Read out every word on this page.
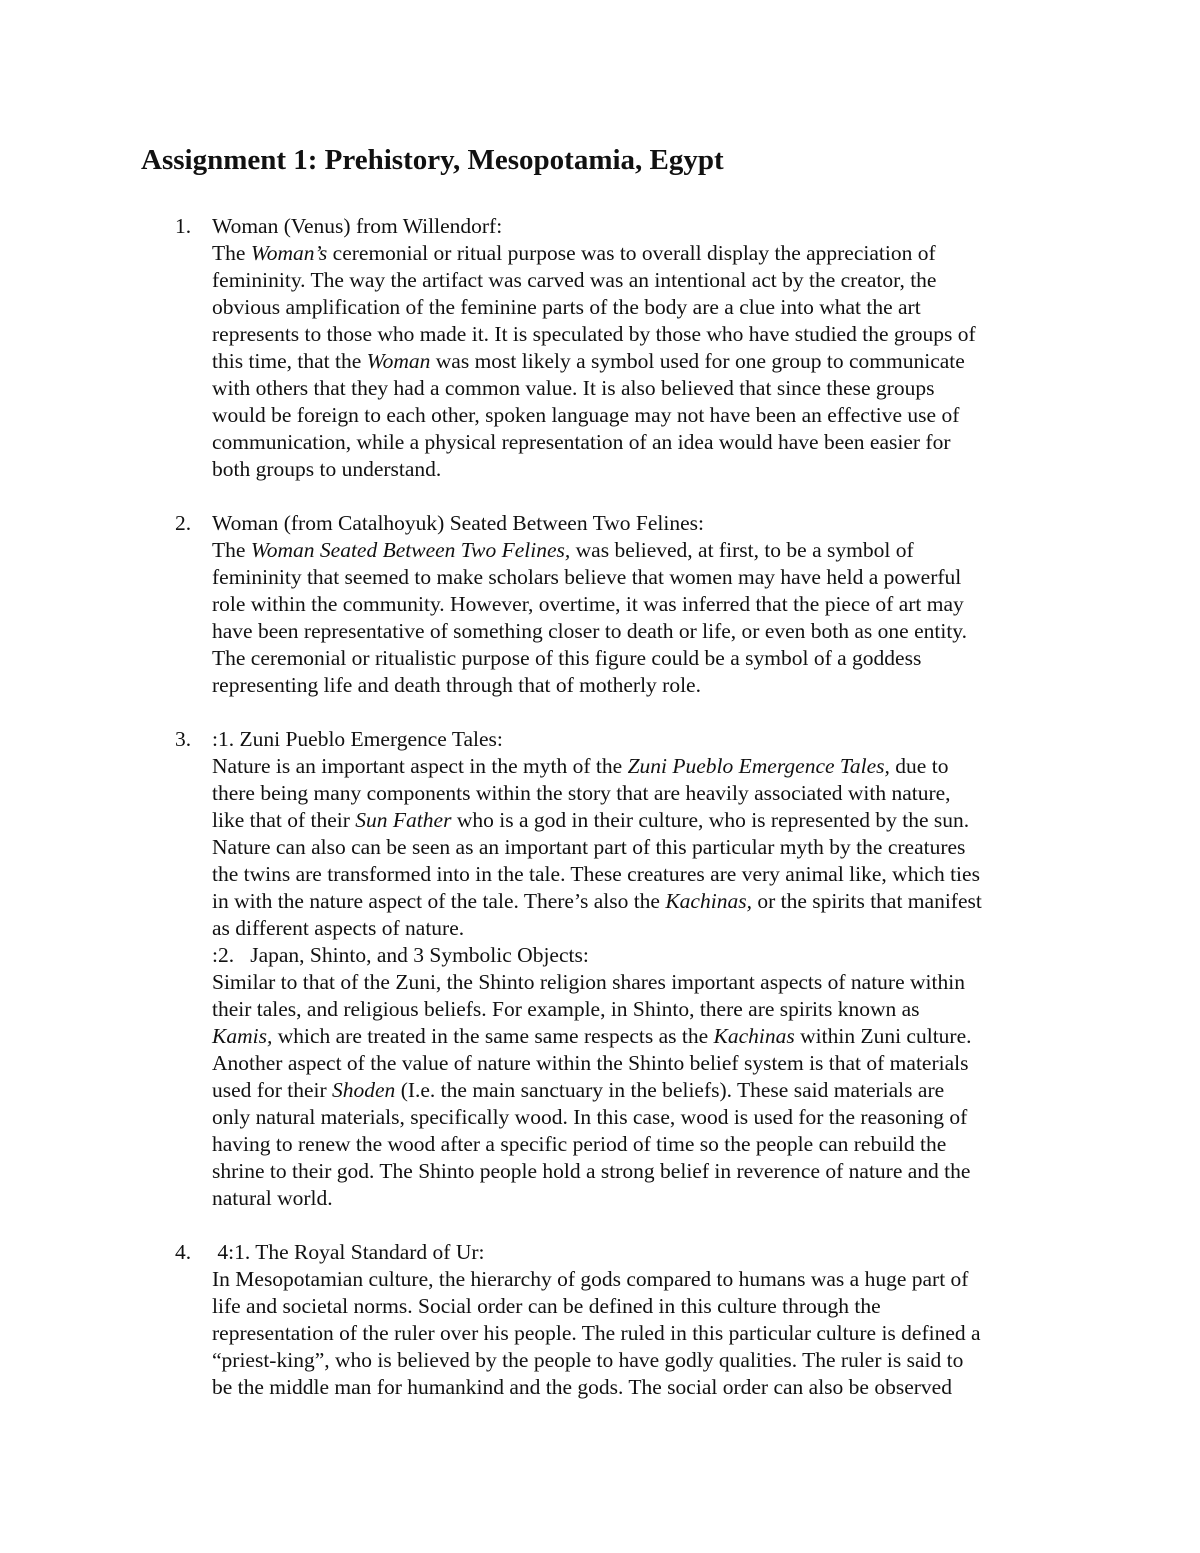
Assignment 1: Prehistory, Mesopotamia, Egypt
1. Woman (Venus) from Willendorf:
The Woman’s ceremonial or ritual purpose was to overall display the appreciation of
femininity. The way the artifact was carved was an intentional act by the creator, the
obvious amplification of the feminine parts of the body are a clue into what the art
represents to those who made it. It is speculated by those who have studied the groups of
this time, that the Woman was most likely a symbol used for one group to communicate
with others that they had a common value. It is also believed that since these groups
would be foreign to each other, spoken language may not have been an effective use of
communication, while a physical representation of an idea would have been easier for
both groups to understand.
2. Woman (from Catalhoyuk) Seated Between Two Felines:
The Woman Seated Between Two Felines, was believed, at first, to be a symbol of
femininity that seemed to make scholars believe that women may have held a powerful
role within the community. However, overtime, it was inferred that the piece of art may
have been representative of something closer to death or life, or even both as one entity.
The ceremonial or ritualistic purpose of this figure could be a symbol of a goddess
representing life and death through that of motherly role.
3. :1. Zuni Pueblo Emergence Tales:
Nature is an important aspect in the myth of the Zuni Pueblo Emergence Tales, due to
there being many components within the story that are heavily associated with nature,
like that of their Sun Father who is a god in their culture, who is represented by the sun.
Nature can also can be seen as an important part of this particular myth by the creatures
the twins are transformed into in the tale. These creatures are very animal like, which ties
in with the nature aspect of the tale. There’s also the Kachinas, or the spirits that manifest
as different aspects of nature.
:2.   Japan, Shinto, and 3 Symbolic Objects:
Similar to that of the Zuni, the Shinto religion shares important aspects of nature within
their tales, and religious beliefs. For example, in Shinto, there are spirits known as
Kamis, which are treated in the same same respects as the Kachinas within Zuni culture.
Another aspect of the value of nature within the Shinto belief system is that of materials
used for their Shoden (I.e. the main sanctuary in the beliefs). These said materials are
only natural materials, specifically wood. In this case, wood is used for the reasoning of
having to renew the wood after a specific period of time so the people can rebuild the
shrine to their god. The Shinto people hold a strong belief in reverence of nature and the
natural world.
4. 4:1. The Royal Standard of Ur:
In Mesopotamian culture, the hierarchy of gods compared to humans was a huge part of
life and societal norms. Social order can be defined in this culture through the
representation of the ruler over his people. The ruled in this particular culture is defined a
“priest-king”, who is believed by the people to have godly qualities. The ruler is said to
be the middle man for humankind and the gods. The social order can also be observed
